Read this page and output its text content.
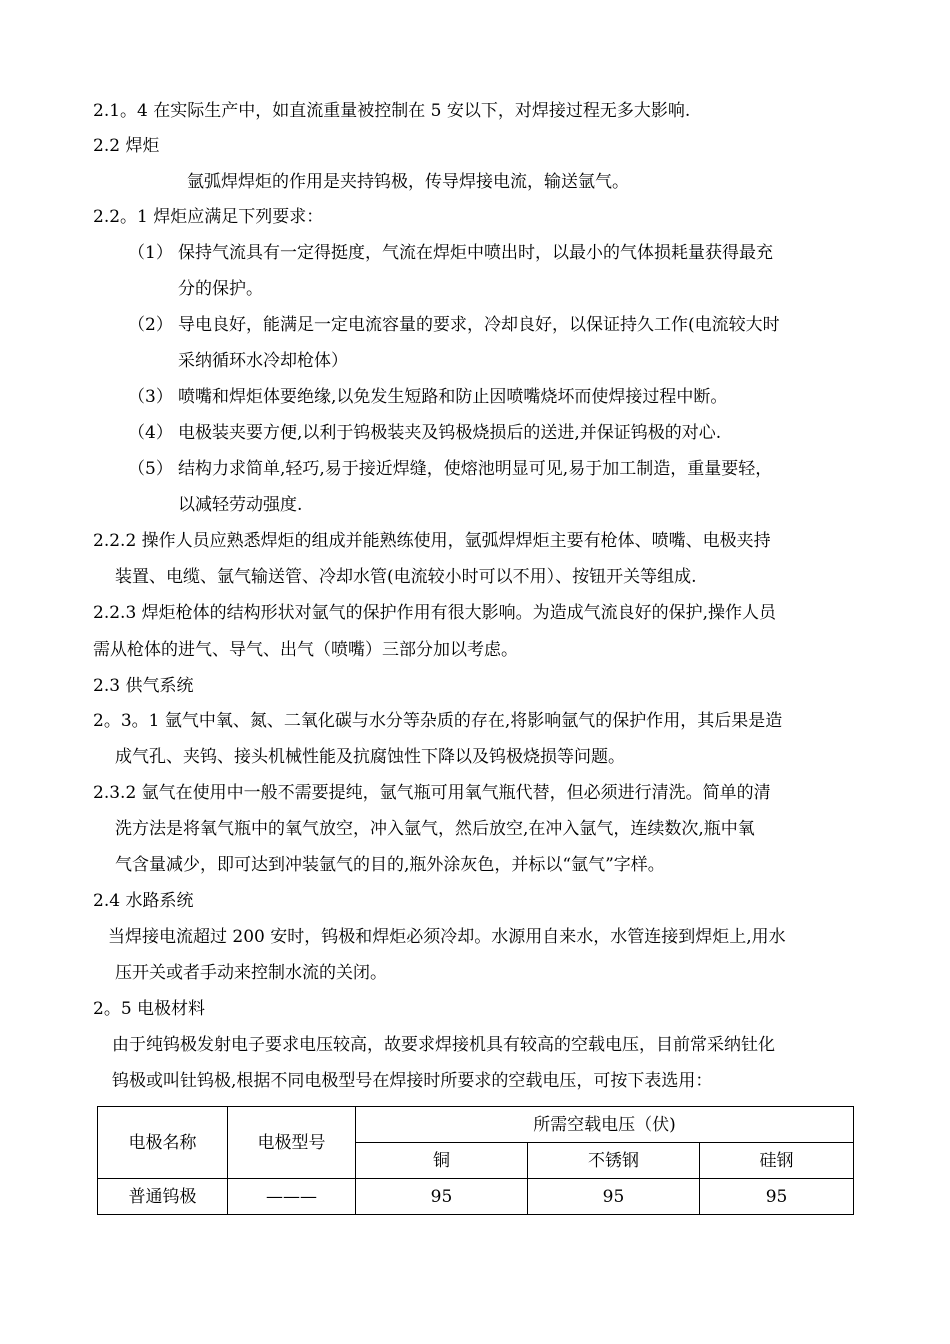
2.1。4 在实际生产中，如直流重量被控制在 5 安以下，对焊接过程无多大影响.
2.2 焊炬
氩弧焊焊炬的作用是夹持钨极，传导焊接电流，输送氩气。
2.2。1 焊炬应满足下列要求：
（1） 保持气流具有一定得挺度，气流在焊炬中喷出时，以最小的气体损耗量获得最充
分的保护。
（2） 导电良好，能满足一定电流容量的要求，冷却良好，以保证持久工作(电流较大时
采纳循环水冷却枪体）
（3） 喷嘴和焊炬体要绝缘,以免发生短路和防止因喷嘴烧坏而使焊接过程中断。
（4） 电极装夹要方便,以利于钨极装夹及钨极烧损后的送进,并保证钨极的对心.
（5） 结构力求简单,轻巧,易于接近焊缝，使熔池明显可见,易于加工制造，重量要轻，
以减轻劳动强度.
2.2.2 操作人员应熟悉焊炬的组成并能熟练使用，氩弧焊焊炬主要有枪体、喷嘴、电极夹持
装置、电缆、氩气输送管、冷却水管(电流较小时可以不用）、按钮开关等组成.
2.2.3 焊炬枪体的结构形状对氩气的保护作用有很大影响。为造成气流良好的保护,操作人员
需从枪体的进气、导气、出气（喷嘴）三部分加以考虑。
2.3 供气系统
2。3。1 氩气中氧、氮、二氧化碳与水分等杂质的存在,将影响氩气的保护作用，其后果是造
成气孔、夹钨、接头机械性能及抗腐蚀性下降以及钨极烧损等问题。
2.3.2 氩气在使用中一般不需要提纯，氩气瓶可用氧气瓶代替，但必须进行清洗。简单的清
洗方法是将氧气瓶中的氧气放空，冲入氩气，然后放空,在冲入氩气，连续数次,瓶中氧
气含量减少，即可达到冲装氩气的目的,瓶外涂灰色，并标以“氩气”字样。
2.4 水路系统
当焊接电流超过 200 安时，钨极和焊炬必须冷却。水源用自来水，水管连接到焊炬上,用水
压开关或者手动来控制水流的关闭。
2。5 电极材料
由于纯钨极发射电子要求电压较高，故要求焊接机具有较高的空载电压，目前常采纳钍化
钨极或叫钍钨极,根据不同电极型号在焊接时所要求的空载电压，可按下表选用：
电极名称	电极型号	所需空载电压（伏)		
		铜	不锈钢	硅钢
普通钨极	———	95	95	95
